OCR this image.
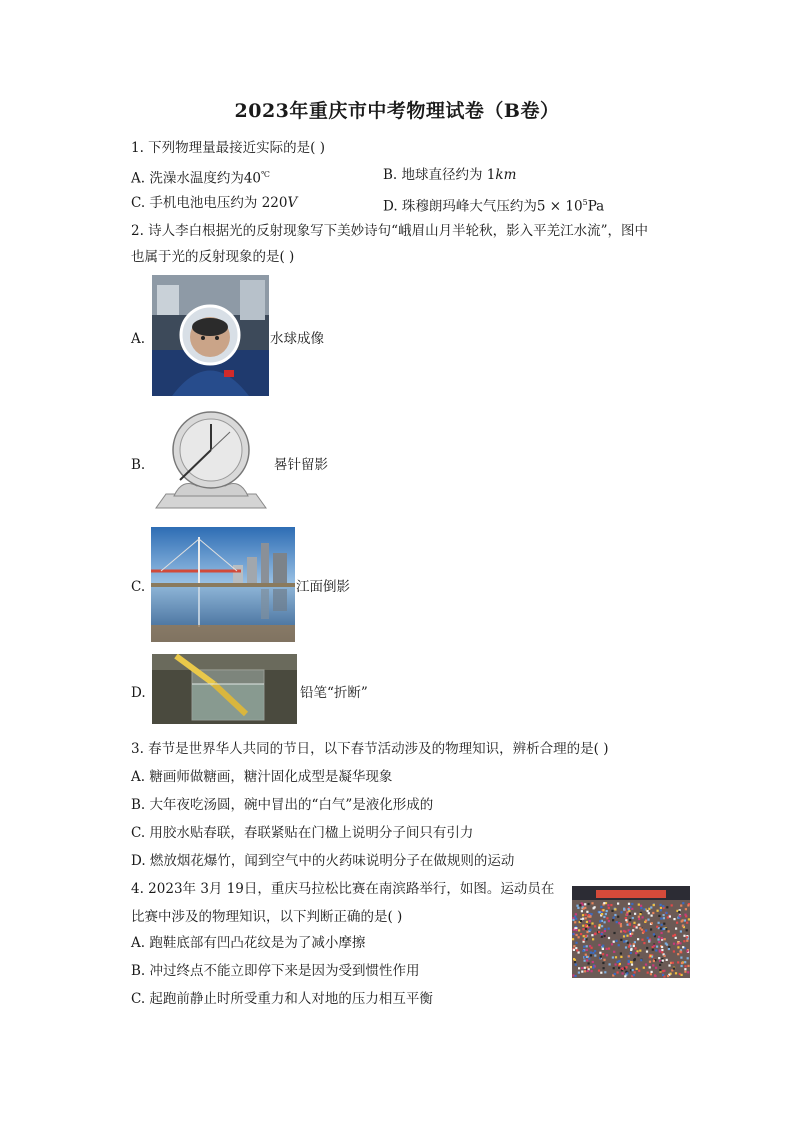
2023年重庆市中考物理试卷（B卷）
1. 下列物理量最接近实际的是( )
A. 洗澡水温度约为40℃	B. 地球直径约为 1km
C. 手机电池电压约为 220V	D. 珠穆朗玛峰大气压约为$5 \times 10^5Pa$
2. 诗人李白根据光的反射现象写下美妙诗句“峨眉山月半轮秋，影入平羌江水流”，图中
也属于光的反射现象的是( )
A.	水球成像
B.	晷针留影
C.	江面倒影
D.	铅笔“折断”
3. 春节是世界华人共同的节日，以下春节活动涉及的物理知识，辨析合理的是( )
A. 糖画师做糖画，糖汁固化成型是凝华现象
B. 大年夜吃汤圆，碗中冒出的“白气”是液化形成的
C. 用胶水贴春联，春联紧贴在门楹上说明分子间只有引力
D. 燃放烟花爆竹，闻到空气中的火药味说明分子在做规则的运动
4. 2023年 3月 19日，重庆马拉松比赛在南滨路举行，如图。运动员在
比赛中涉及的物理知识，以下判断正确的是( )
A. 跑鞋底部有凹凸花纹是为了减小摩擦
B. 冲过终点不能立即停下来是因为受到惯性作用
C. 起跑前静止时所受重力和人对地的压力相互平衡
